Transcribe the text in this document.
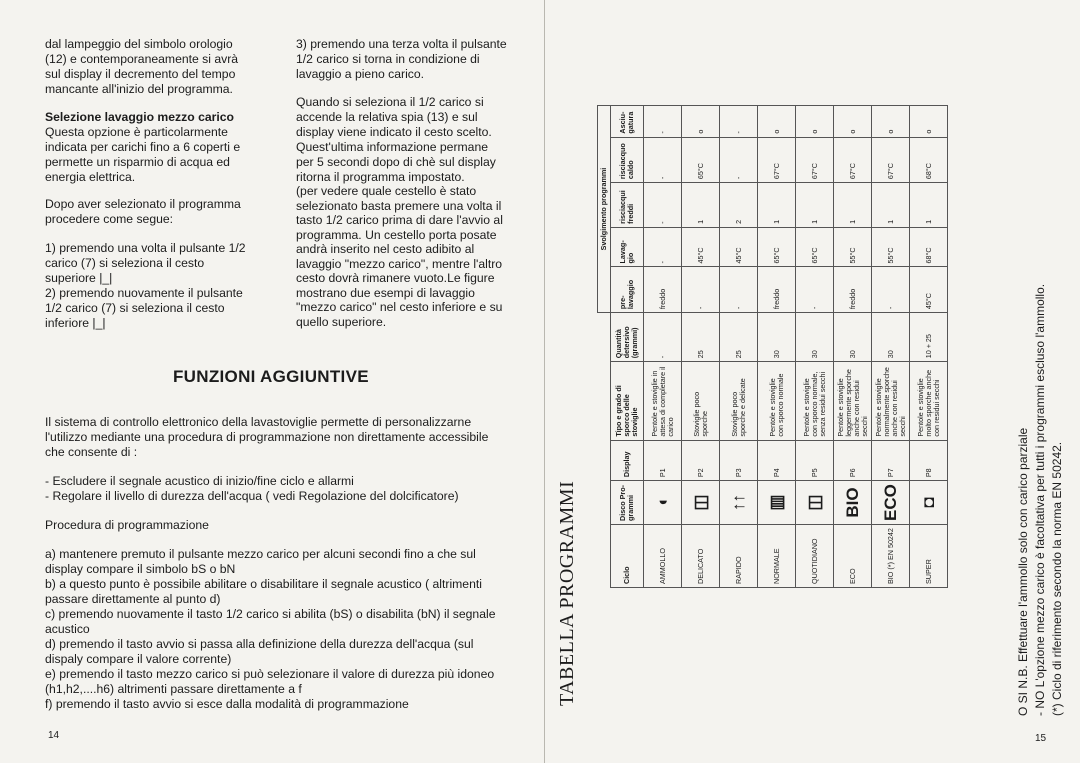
dal lampeggio del simbolo orologio
(12) e contemporaneamente si avrà
sul display il decremento del tempo
mancante all'inizio del programma.
Selezione lavaggio mezzo carico
Questa opzione è particolarmente
indicata per carichi fino a 6 coperti e
permette un risparmio di acqua ed
energia elettrica.
Dopo aver selezionato il programma
procedere come segue:
1) premendo una volta il pulsante 1/2
carico (7) si seleziona il cesto
superiore |_|
2) premendo nuovamente il pulsante
1/2 carico (7) si seleziona il cesto
inferiore |_|
3) premendo una terza volta il pulsante
1/2 carico si torna in condizione di
lavaggio a pieno carico.
Quando si seleziona il 1/2 carico si
accende la relativa spia (13) e sul
display viene indicato il cesto scelto.
Quest'ultima informazione permane
per 5 secondi dopo di chè sul display
ritorna il programma impostato.
(per vedere quale cestello è stato
selezionato basta premere una volta il
tasto 1/2 carico prima di dare l'avvio al
programma. Un cestello porta posate
andrà inserito nel cesto adibito al
lavaggio "mezzo carico", mentre l'altro
cesto dovrà rimanere vuoto.Le figure
mostrano due esempi di lavaggio
"mezzo carico" nel cesto inferiore e su
quello superiore.
FUNZIONI AGGIUNTIVE
Il sistema di controllo elettronico della lavastoviglie permette di personalizzarne
l'utilizzo mediante una procedura di programmazione non direttamente accessibile
che consente di :
- Escludere il segnale acustico di inizio/fine ciclo e allarmi
- Regolare il livello di durezza dell'acqua ( vedi Regolazione del dolcificatore)
Procedura di programmazione
a) mantenere premuto il pulsante mezzo carico per alcuni secondi fino a che sul
display compare il simbolo bS o bN
b) a questo punto è possibile abilitare o disabilitare il segnale acustico ( altrimenti
passare direttamente al punto d)
c) premendo nuovamente il tasto 1/2 carico si abilita (bS) o disabilita (bN) il segnale
acustico
d) premendo il tasto avvio si passa alla definizione della durezza dell'acqua (sul
dispaly compare il valore corrente)
e) premendo il tasto mezzo carico si può selezionare il valore di durezza più idoneo
(h1,h2,....h6) altrimenti passare direttamente a f
f) premendo il tasto avvio si esce dalla modalità di programmazione
14
TABELLA PROGRAMMI
					Svolgimento programmi				
Ciclo	Disco Pro-grammi	Display	Tipo e grado di sporco delle stoviglie	Quantità detersivo (grammi)	pre-lavaggio	Lavag-gio	risciacqui freddi	risciacquo caldo	Asciu-gatura
AMMOLLO	◖	P1	Pentole e stoviglie in attesa di completare il carico	-	freddo	-	-	-	-
DELICATO	◫	P2	Stoviglie poco sporche	25	-	45°C	1	65°C	o
RAPIDO	↑↑	P3	Stoviglie poco sporche e delicate	25	-	45°C	2	-	-
NORMALE	▥	P4	Pentole e stoviglie con sporco normale	30	freddo	65°C	1	67°C	o
QUOTIDIANO	◫	P5	Pentole e stoviglie con sporco normale, senza residui secchi	30	-	65°C	1	67°C	o
ECO	BIO	P6	Pentole e stoviglie leggermente sporche anche con residui secchi	30	freddo	55°C	1	67°C	o
BIO (*) EN 50242	ECO	P7	Pentole e stoviglie normalmente sporche anche con residui secchi	30	-	55°C	1	67°C	o
SUPER	◘	P8	Pentole e stoviglie molto sporche anche con residui secchi	10 + 25	45°C	68°C	1	68°C	o
O SI N.B. Effettuare l'ammollo solo con carico parziale - NO L'opzione mezzo carico è facoltativa per tutti i programmi escluso l'ammollo. (*) Ciclo di riferimento secondo la norma EN 50242.
15
